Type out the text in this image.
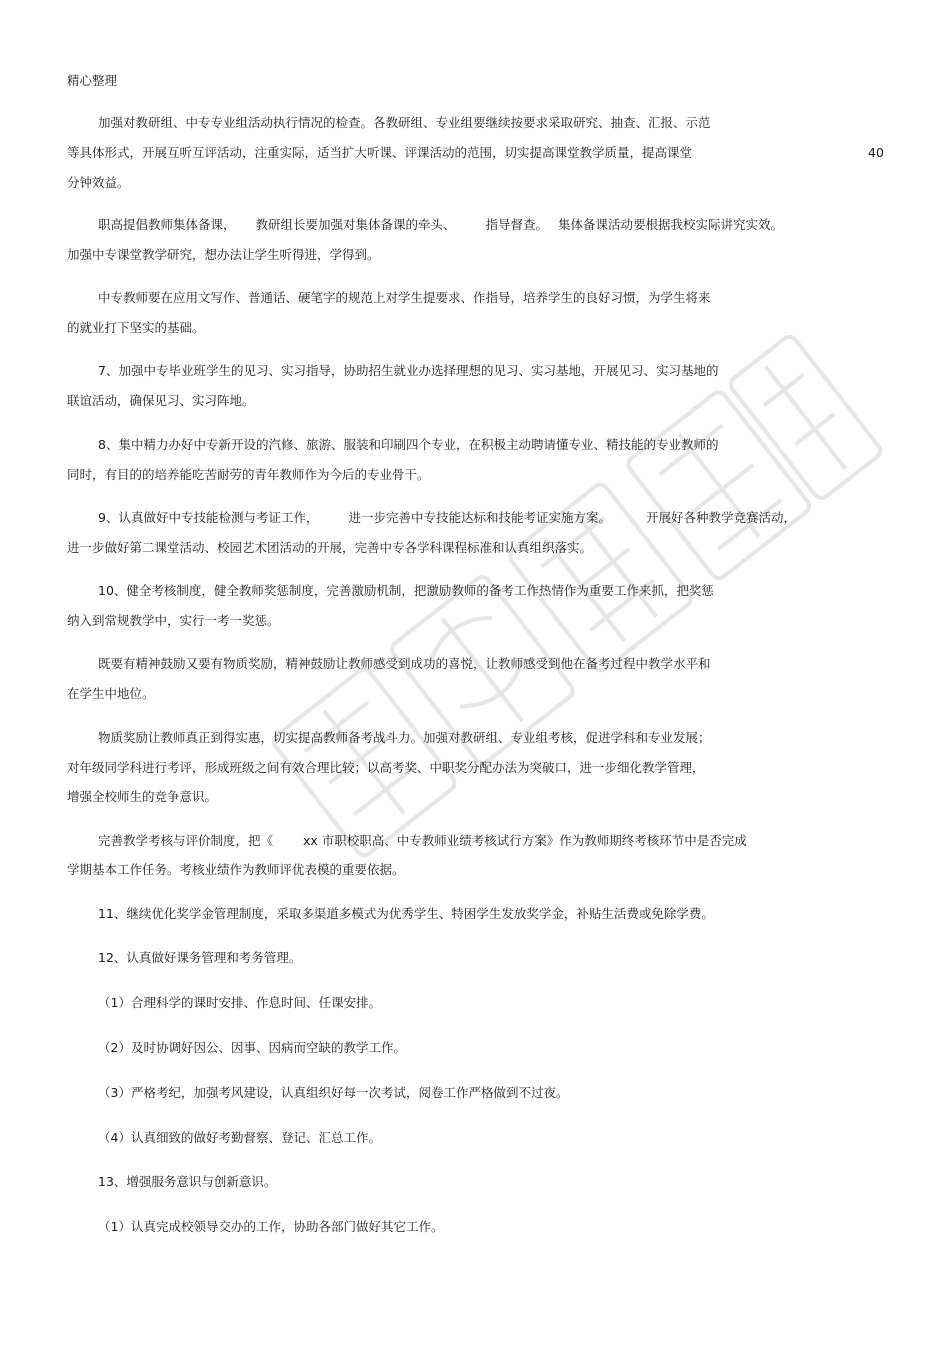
精心整理
40
加强对教研组、中专专业组活动执行情况的检查。各教研组、专业组要继续按要求采取研究、抽查、汇报、示范
等具体形式，开展互听互评活动，注重实际，适当扩大听课、评课活动的范围，切实提高课堂教学质量，提高课堂
分钟效益。
职高提倡教师集体备课， 教研组长要加强对集体备课的牵头、 指导督查。 集体备课活动要根据我校实际讲究实效。
加强中专课堂教学研究，想办法让学生听得进，学得到。
中专教师要在应用文写作、普通话、硬笔字的规范上对学生提要求、作指导，培养学生的良好习惯，为学生将来
的就业打下坚实的基础。
7、加强中专毕业班学生的见习、实习指导，协助招生就业办选择理想的见习、实习基地，开展见习、实习基地的
联谊活动，确保见习、实习阵地。
8、集中精力办好中专新开设的汽修、旅游、服装和印刷四个专业，在积极主动聘请懂专业、精技能的专业教师的
同时，有目的的培养能吃苦耐劳的青年教师作为今后的专业骨干。
9、认真做好中专技能检测与考证工作， 进一步完善中专技能达标和技能考证实施方案。	开展好各种教学竞赛活动，
进一步做好第二课堂活动、校园艺术团活动的开展，完善中专各学科课程标准和认真组织落实。
10、健全考核制度，健全教师奖惩制度，完善激励机制，把激励教师的备考工作热情作为重要工作来抓，把奖惩
纳入到常规教学中，实行一考一奖惩。
既要有精神鼓励又要有物质奖励，精神鼓励让教师感受到成功的喜悦，让教师感受到他在备考过程中教学水平和
在学生中地位。
物质奖励让教师真正到得实惠，切实提高教师备考战斗力。加强对教研组、专业组考核，促进学科和专业发展；
对年级同学科进行考评，形成班级之间有效合理比较；以高考奖、中职奖分配办法为突破口，进一步细化教学管理，
增强全校师生的竞争意识。
完善教学考核与评价制度，把《 xx 市职校职高、中专教师业绩考核试行方案》作为教师期终考核环节中是否完成
学期基本工作任务。考核业绩作为教师评优表模的重要依据。
11、继续优化奖学金管理制度，采取多渠道多模式为优秀学生、特困学生发放奖学金，补贴生活费或免除学费。
12、认真做好课务管理和考务管理。
（1）合理科学的课时安排、作息时间、任课安排。
（2）及时协调好因公、因事、因病而空缺的教学工作。
（3）严格考纪，加强考风建设，认真组织好每一次考试，阅卷工作严格做到不过夜。
（4）认真细致的做好考勤督察、登记、汇总工作。
13、增强服务意识与创新意识。
（1）认真完成校领导交办的工作，协助各部门做好其它工作。
